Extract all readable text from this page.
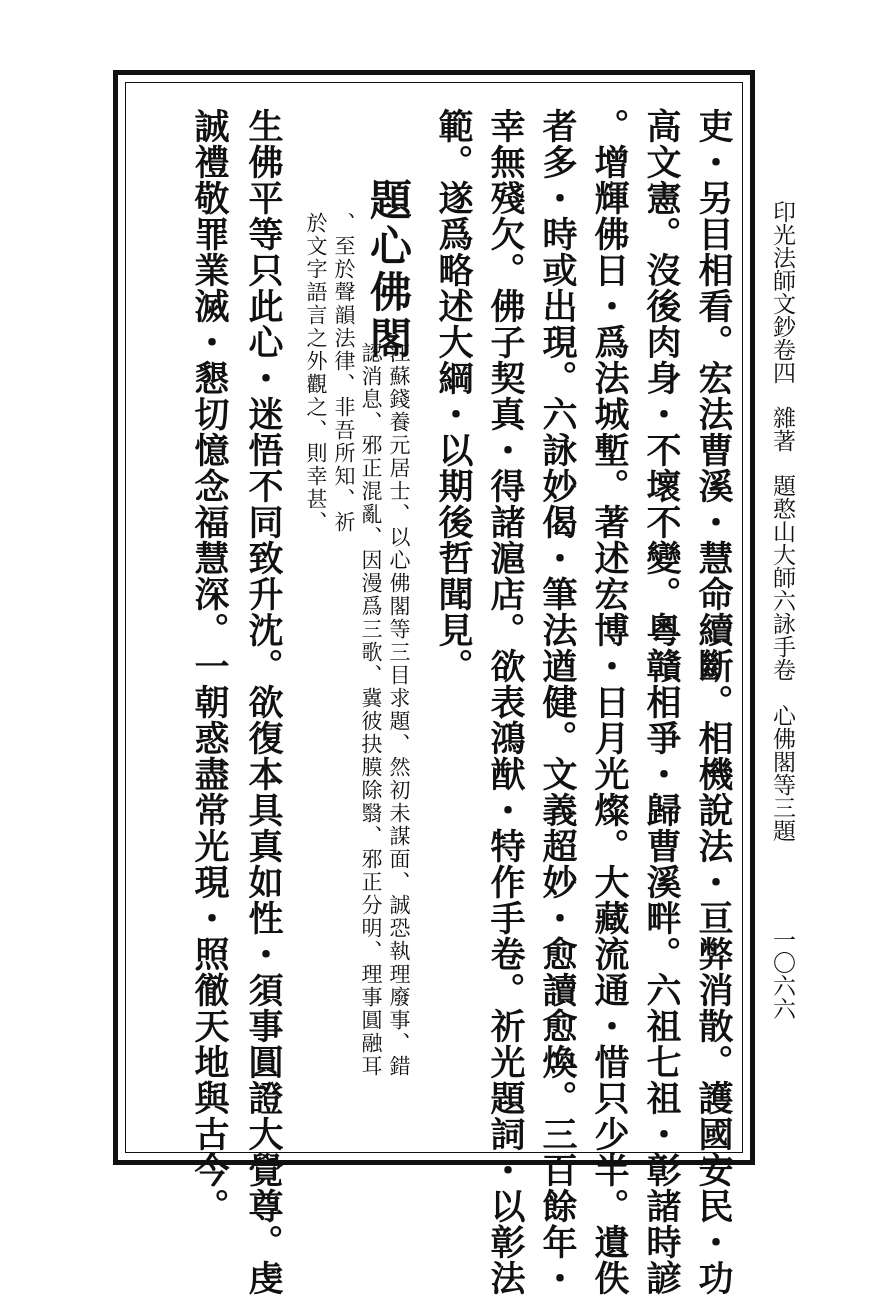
印光法師文鈔卷四
雜著
題憨山大師六詠手卷　心佛閣等三題
一〇六六
吏・另目相看。宏法曹溪・慧命續斷。相機說法・亘弊消散。護國安民・功
高文憲。沒後肉身・不壞不變。粵贛相爭・歸曹溪畔。六祖七祖・彰諸時諺
。增輝佛日・爲法城塹。著述宏博・日月光燦。大藏流通・惜只少半。遺佚
者多・時或出現。六詠妙偈・筆法遒健。文義超妙・愈讀愈煥。三百餘年・
幸無殘欠。佛子契真・得諸滬店。欲表鴻猷・特作手卷。祈光題詞・以彰法
範。遂爲略述大綱・以期後哲聞見。
題心佛閣
江蘇錢養元居士、以心佛閣等三目求題、然初未謀面、誠恐執理廢事、錯
認消息、邪正混亂、因漫爲三歌、冀彼抉膜除翳、邪正分明、理事圓融耳
、至於聲韻法律、非吾所知、祈
於文字語言之外觀之、則幸甚、
生佛平等只此心・迷悟不同致升沈。欲復本具真如性・須事圓證大覺尊。虔
誠禮敬罪業滅・懇切憶念福慧深。一朝惑盡常光現・照徹天地與古今。
